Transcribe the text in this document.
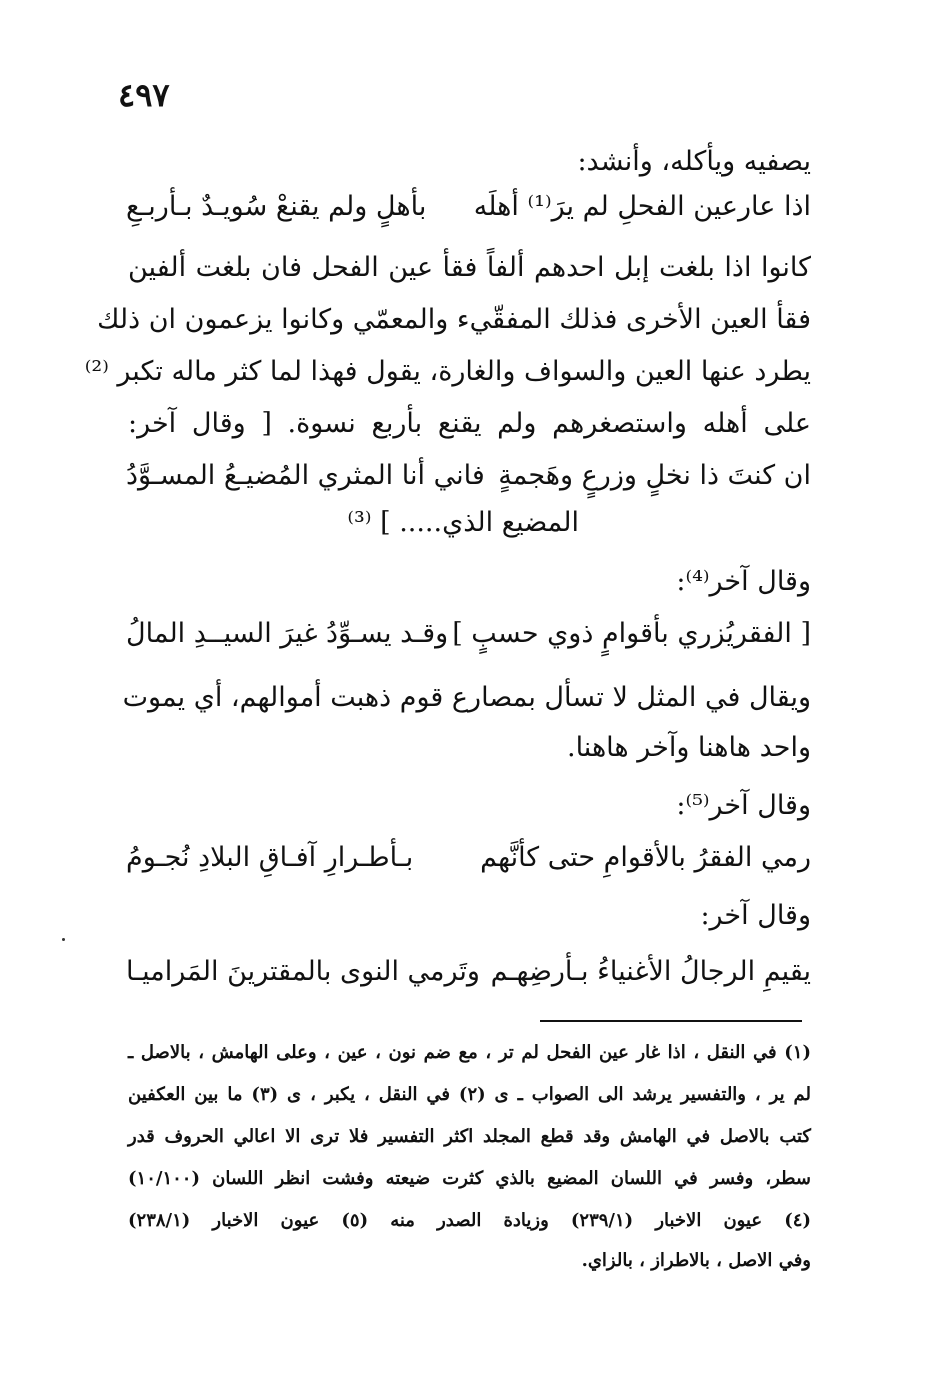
٤٩٧
يصفيه ويأكله، وأنشد:
اذا عارعين الفحلِ لم يرَ⁽¹⁾ أهلَه
بأهلٍ ولم يقنعْ سُويـدٌ بـأربـعِ
كانوا اذا بلغت إبل احدهم ألفاً فقأ عين الفحل فان بلغت ألفين
فقأ العين الأخرى فذلك المفقّيء والمعمّي وكانوا يزعمون ان ذلك
يطرد عنها العين والسواف والغارة، يقول فهذا لما كثر ماله تكبر ⁽²⁾
على أهله واستصغرهم ولم يقنع بأربع نسوة. [ وقال آخر:
ان كنتَ ذا نخلٍ وزرعٍ وهَجمةٍ
فاني أنا المثري المُضيـعُ المسـوَّدُ
المضيع الذي..... ] ⁽³⁾
وقال آخر⁽⁴⁾:
[ الفقريُزري بأقوامٍ ذوي حسبٍ ]
وقـد يسـوِّدُ غيرَ السيــدِ المالُ
ويقال في المثل لا تسأل بمصارع قوم ذهبت أموالهم، أي يموت
واحد هاهنا وآخر هاهنا.
وقال آخر⁽⁵⁾:
رمي الفقرُ بالأقوامِ حتى كأنَّهم
بـأطـرارِ آفـاقِ البلادِ نُجـومُ
وقال آخر:
يقيمِ الرجالُ الأغنياءُ بـأرضِهـم
وتَرمي النوى بالمقترينَ المَراميـا
(١) في النقل ، اذا غار عين الفحل لم تر ، مع ضم نون ، عين ، وعلى الهامش ، بالاصل ـ
لم ير ، والتفسير يرشد الى الصواب ـ ى (٢) في النقل ، يكبر ، ى (٣) ما بين العكفين
كتب بالاصل في الهامش وقد قطع المجلد اكثر التفسير فلا ترى الا اعالي الحروف قدر
سطر، وفسر في اللسان المضيع بالذي كثرت ضيعته وفشت انظر اللسان (١٠/١٠٠)
(٤) عيون الاخبار (٢٣٩/١) وزيادة الصدر منه (٥) عيون الاخبار (٢٣٨/١)
وفي الاصل ، بالاطراز ، بالزاي.
